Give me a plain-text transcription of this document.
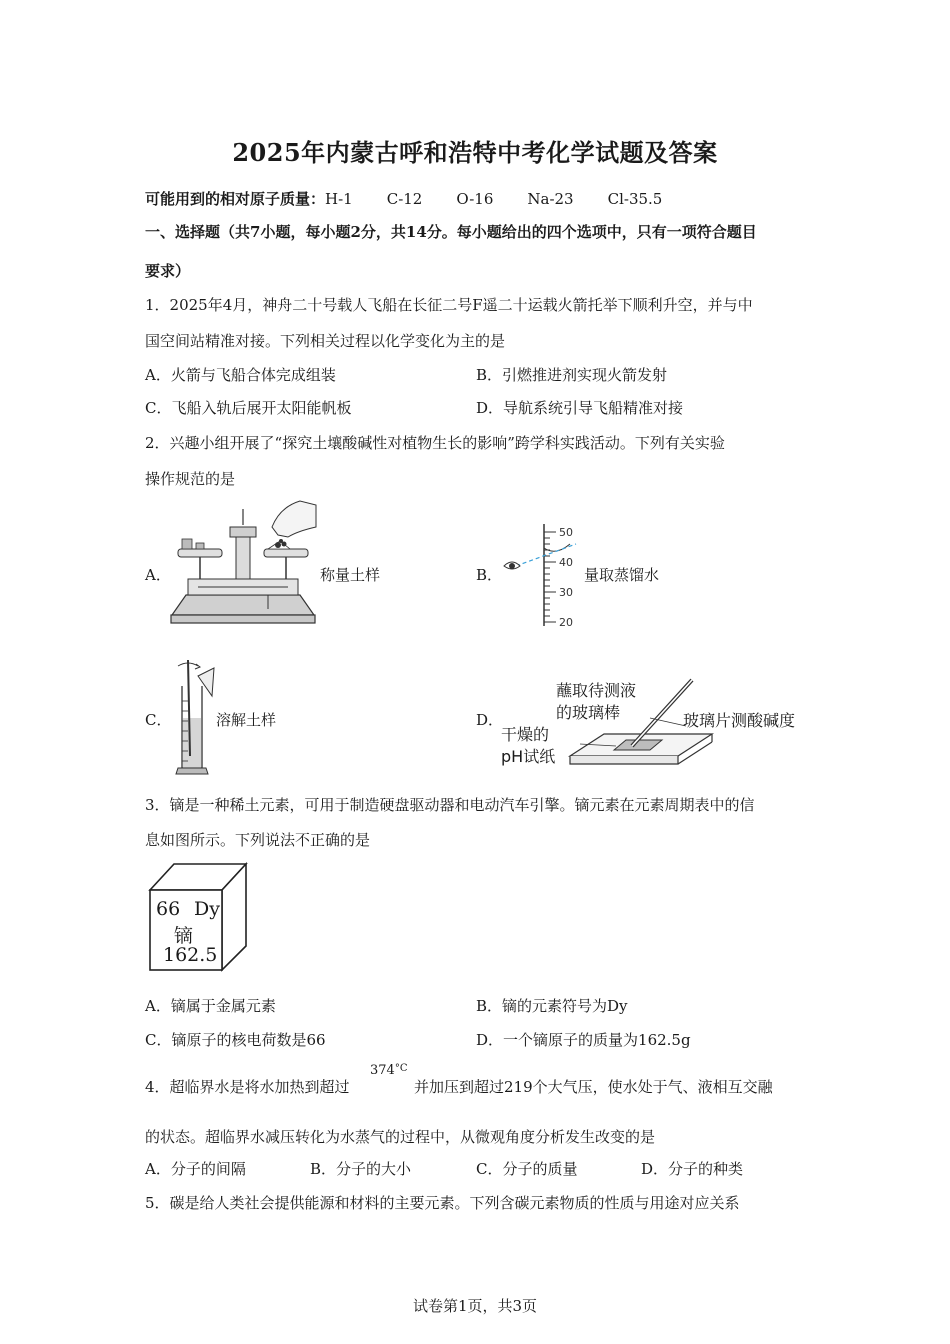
2025年内蒙古呼和浩特中考化学试题及答案
可能用到的相对原子质量：H-1 C-12 O-16 Na-23 Cl-35.5
一、选择题（共7小题，每小题2分，共14分。每小题给出的四个选项中，只有一项符合题目
要求）
1．2025年4月，神舟二十号载人飞船在长征二号F遥二十运载火箭托举下顺利升空，并与中
国空间站精准对接。下列相关过程以化学变化为主的是
A．火箭与飞船合体完成组装	B．引燃推进剂实现火箭发射
C．飞船入轨后展开太阳能帆板	D．导航系统引导飞船精准对接
2．兴趣小组开展了“探究土壤酸碱性对植物生长的影响”跨学科实践活动。下列有关实验
操作规范的是
A．	称量土样	B．
50
40
30
20
量取蒸馏水
C．	溶解土样	D．
蘸取待测液
的玻璃棒
干燥的
pH试纸
玻璃片测酸碱度
3．镝是一种稀土元素，可用于制造硬盘驱动器和电动汽车引擎。镝元素在元素周期表中的信
息如图所示。下列说法不正确的是
66 Dy
镝
162.5
A．镝属于金属元素	B．镝的元素符号为Dy
C．镝原子的核电荷数是66	D．一个镝原子的质量为162.5g
4．超临界水是将水加热到超过
$374^{^\circ C}$
并加压到超过219个大气压，使水处于气、液相互交融
的状态。超临界水减压转化为水蒸气的过程中，从微观角度分析发生改变的是
A．分子的间隔	B．分子的大小	C．分子的质量	D．分子的种类
5．碳是给人类社会提供能源和材料的主要元素。下列含碳元素物质的性质与用途对应关系
试卷第1页，共3页
